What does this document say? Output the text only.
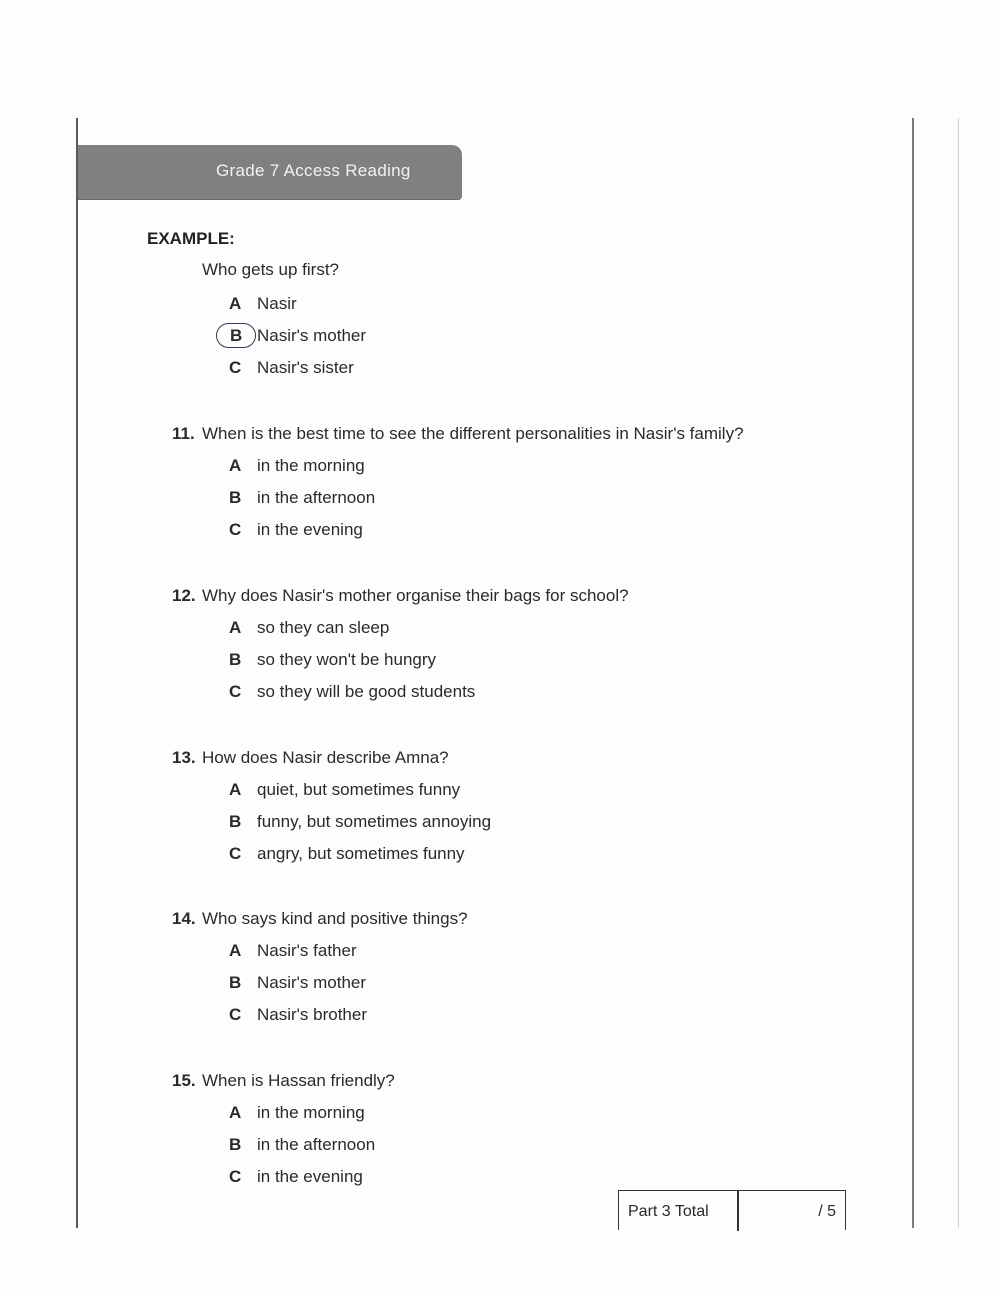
Grade 7 Access Reading
EXAMPLE:
Who gets up first?
A Nasir
B Nasir's mother
C Nasir's sister
11. When is the best time to see the different personalities in Nasir's family?
A in the morning
B in the afternoon
C in the evening
12. Why does Nasir's mother organise their bags for school?
A so they can sleep
B so they won't be hungry
C so they will be good students
13. How does Nasir describe Amna?
A quiet, but sometimes funny
B funny, but sometimes annoying
C angry, but sometimes funny
14. Who says kind and positive things?
A Nasir's father
B Nasir's mother
C Nasir's brother
15. When is Hassan friendly?
A in the morning
B in the afternoon
C in the evening
Part 3 Total	/ 5
